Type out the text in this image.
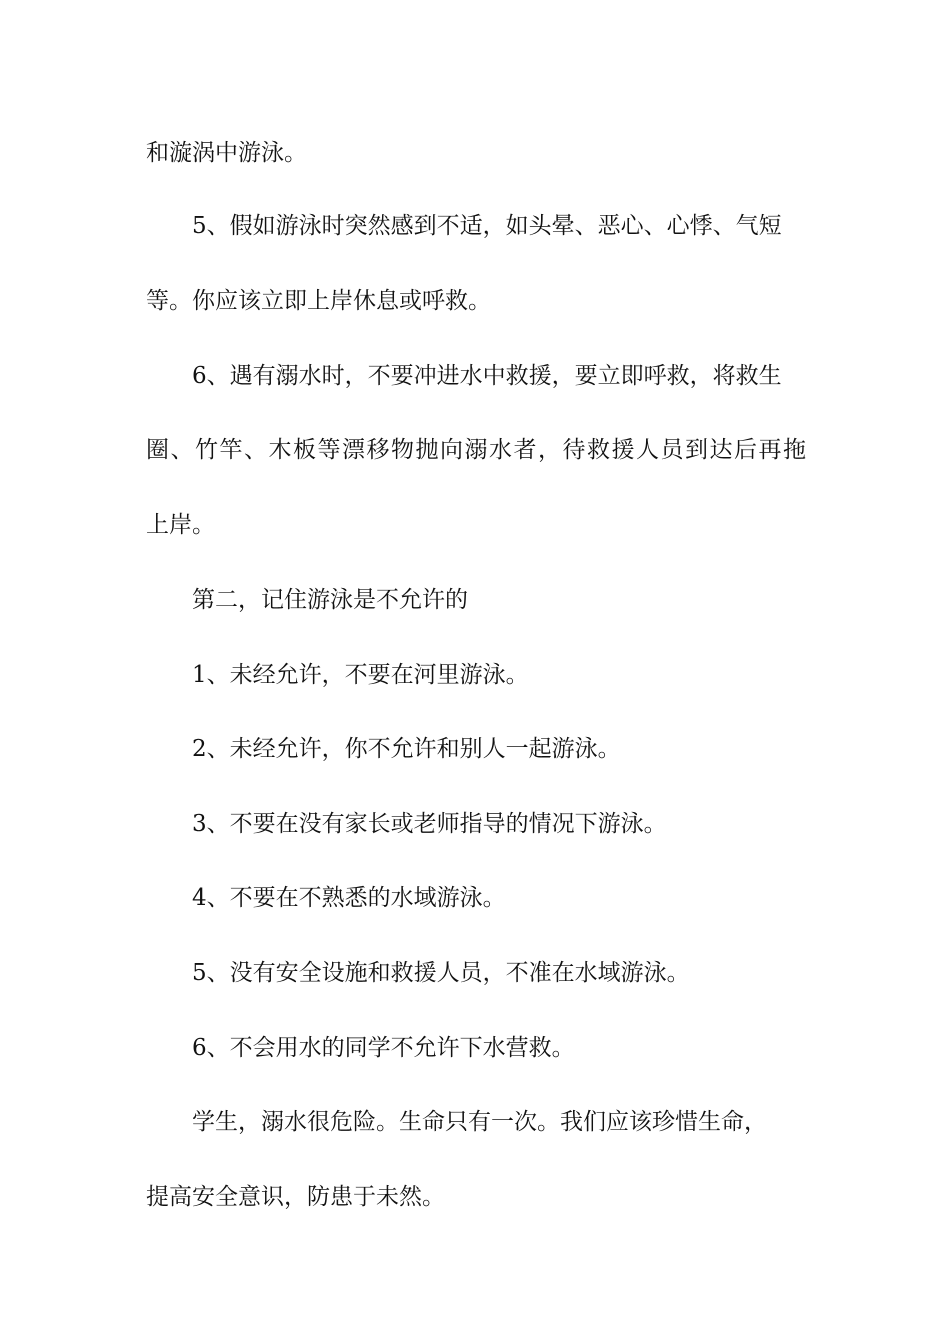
和漩涡中游泳。

5、假如游泳时突然感到不适，如头晕、恶心、心悸、气短

等。你应该立即上岸休息或呼救。

6、遇有溺水时，不要冲进水中救援，要立即呼救，将救生

圈、竹竿、木板等漂移物抛向溺水者，待救援人员到达后再拖

上岸。

第二，记住游泳是不允许的

1、未经允许，不要在河里游泳。

2、未经允许，你不允许和别人一起游泳。

3、不要在没有家长或老师指导的情况下游泳。

4、不要在不熟悉的水域游泳。

5、没有安全设施和救援人员，不准在水域游泳。

6、不会用水的同学不允许下水营救。

学生，溺水很危险。生命只有一次。我们应该珍惜生命，

提高安全意识，防患于未然。
